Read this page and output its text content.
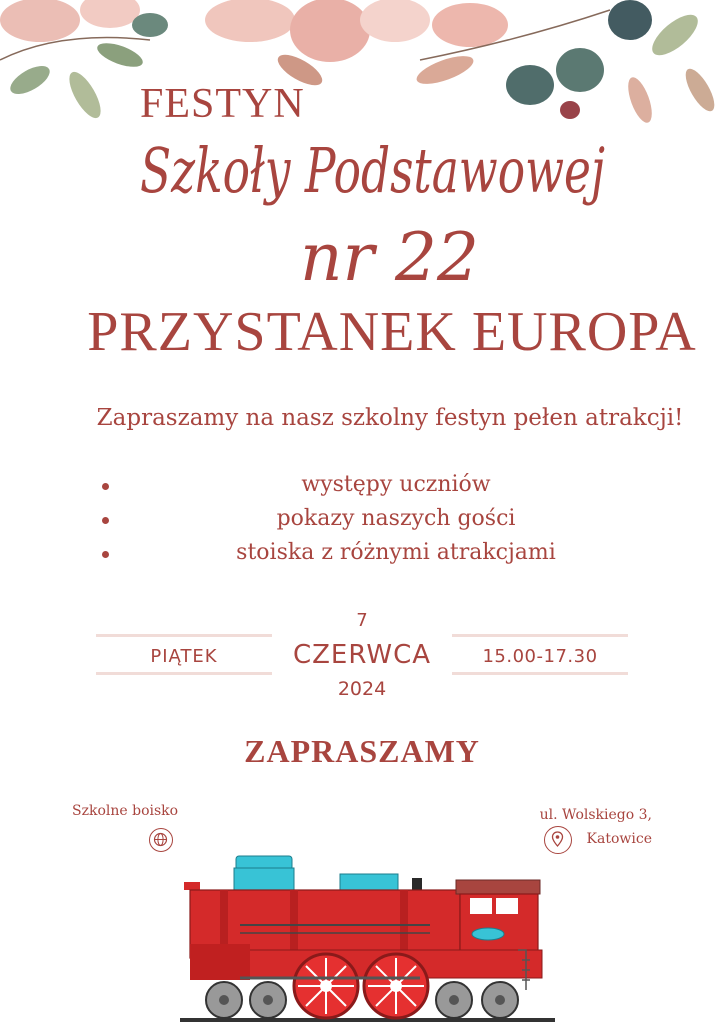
FESTYN
Szkoły Podstawowej
nr 22
PRZYSTANEK EUROPA
Zapraszamy na nasz szkolny festyn pełen atrakcji!
występy uczniów
pokazy naszych gości
stoiska z różnymi atrakcjami
PIĄTEK
7
CZERWCA
2024
15.00-17.30
ZAPRASZAMY
Szkolne boisko	ul. Wolskiego 3,
Katowice
